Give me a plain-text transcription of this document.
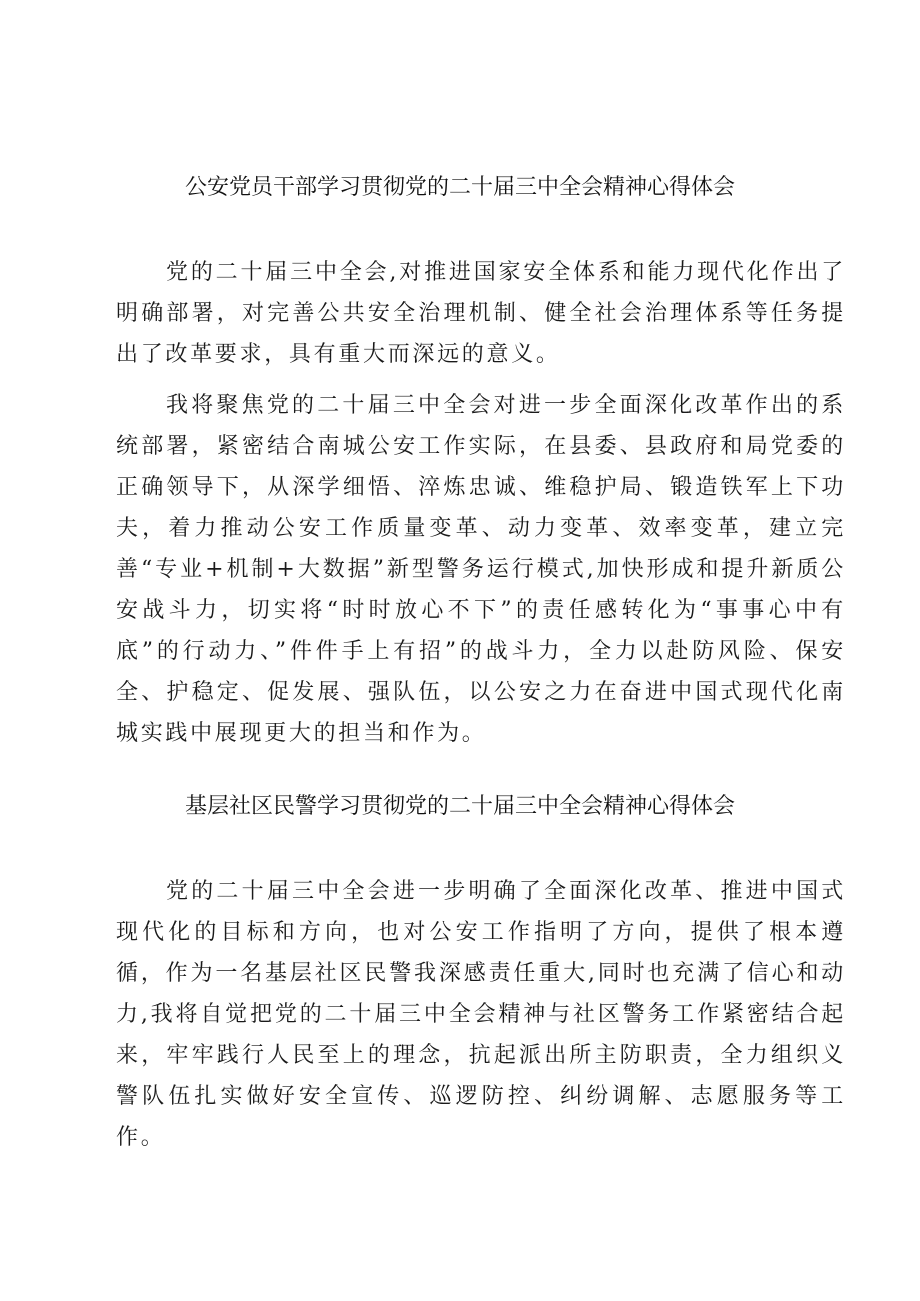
公安党员干部学习贯彻党的二十届三中全会精神心得体会

党的二十届三中全会,对推进国家安全体系和能力现代化作出了明确部署，对完善公共安全治理机制、健全社会治理体系等任务提出了改革要求，具有重大而深远的意义。

我将聚焦党的二十届三中全会对进一步全面深化改革作出的系统部署，紧密结合南城公安工作实际，在县委、县政府和局党委的正确领导下，从深学细悟、淬炼忠诚、维稳护局、锻造铁军上下功夫，着力推动公安工作质量变革、动力变革、效率变革，建立完善“专业+机制+大数据”新型警务运行模式,加快形成和提升新质公安战斗力，切实将“时时放心不下”的责任感转化为“事事心中有底”的行动力、”件件手上有招”的战斗力，全力以赴防风险、保安全、护稳定、促发展、强队伍，以公安之力在奋进中国式现代化南城实践中展现更大的担当和作为。

基层社区民警学习贯彻党的二十届三中全会精神心得体会

党的二十届三中全会进一步明确了全面深化改革、推进中国式现代化的目标和方向，也对公安工作指明了方向，提供了根本遵循，作为一名基层社区民警我深感责任重大,同时也充满了信心和动力,我将自觉把党的二十届三中全会精神与社区警务工作紧密结合起来，牢牢践行人民至上的理念，抗起派出所主防职责，全力组织义警队伍扎实做好安全宣传、巡逻防控、纠纷调解、志愿服务等工作。
